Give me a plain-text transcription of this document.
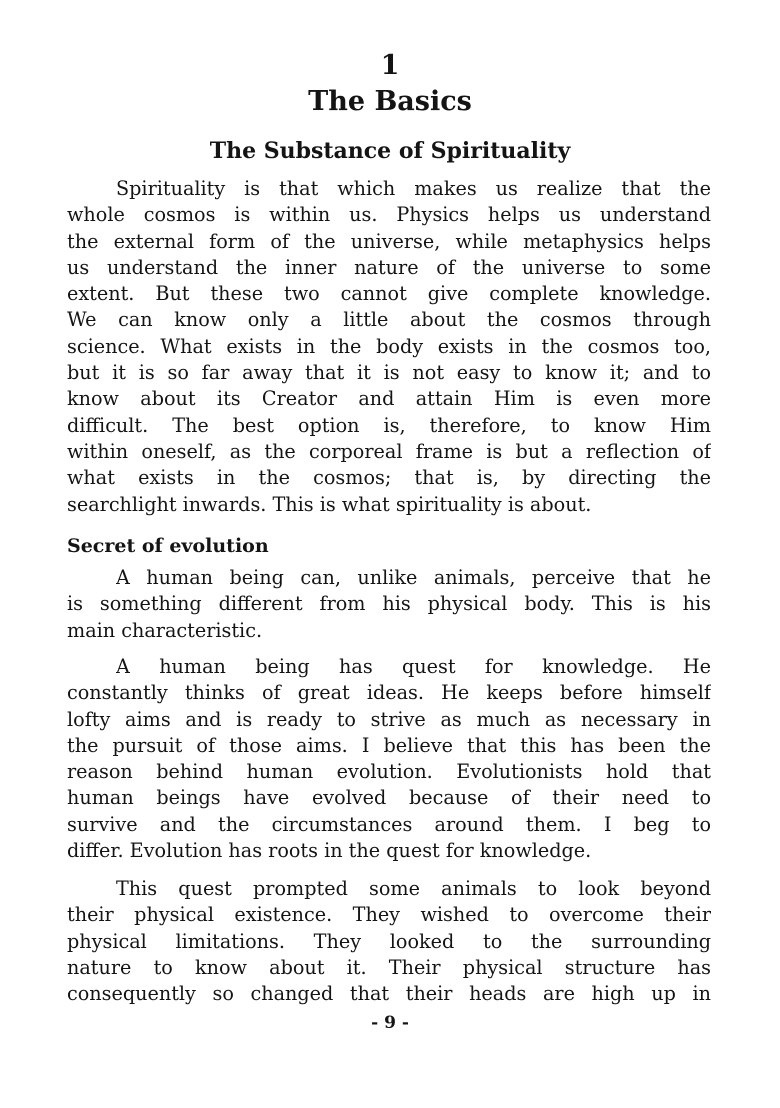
1
The Basics
The Substance of Spirituality

Spirituality is that which makes us realize that the
whole cosmos is within us. Physics helps us understand
the external form of the universe, while metaphysics helps
us understand the inner nature of the universe to some
extent. But these two cannot give complete knowledge.
We can know only a little about the cosmos through
science. What exists in the body exists in the cosmos too,
but it is so far away that it is not easy to know it; and to
know about its Creator and attain Him is even more
difficult. The best option is, therefore, to know Him
within oneself, as the corporeal frame is but a reflection of
what exists in the cosmos; that is, by directing the
searchlight inwards. This is what spirituality is about.

Secret of evolution

A human being can, unlike animals, perceive that he
is something different from his physical body. This is his
main characteristic.

A human being has quest for knowledge. He
constantly thinks of great ideas. He keeps before himself
lofty aims and is ready to strive as much as necessary in
the pursuit of those aims. I believe that this has been the
reason behind human evolution. Evolutionists hold that
human beings have evolved because of their need to
survive and the circumstances around them. I beg to
differ. Evolution has roots in the quest for knowledge.

This quest prompted some animals to look beyond
their physical existence. They wished to overcome their
physical limitations. They looked to the surrounding
nature to know about it. Their physical structure has
consequently so changed that their heads are high up in

- 9 -
